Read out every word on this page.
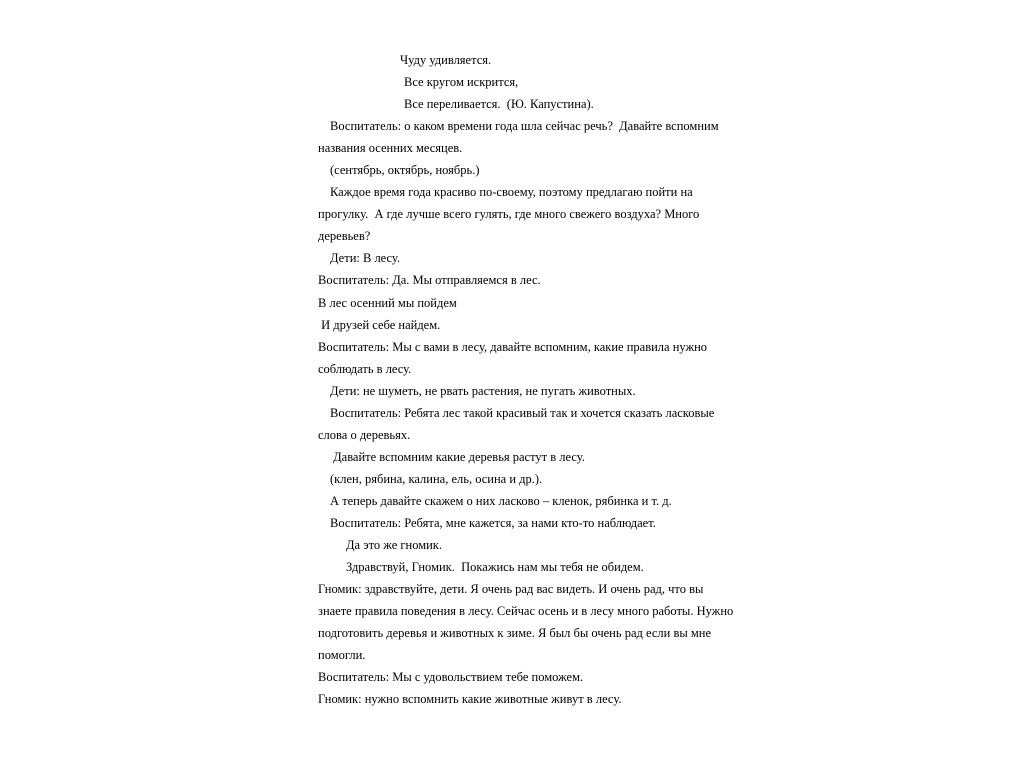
Чуду удивляется.
Все кругом искрится,
Все переливается.  (Ю. Капустина).
Воспитатель: о каком времени года шла сейчас речь?  Давайте вспомним
названия осенних месяцев.
(сентябрь, октябрь, ноябрь.)
Каждое время года красиво по-своему, поэтому предлагаю пойти на
прогулку.  А где лучше всего гулять, где много свежего воздуха? Много
деревьев?
Дети: В лесу.
Воспитатель: Да. Мы отправляемся в лес.
В лес осенний мы пойдем
И друзей себе найдем.
Воспитатель: Мы с вами в лесу, давайте вспомним, какие правила нужно
соблюдать в лесу.
Дети: не шуметь, не рвать растения, не пугать животных.
Воспитатель: Ребята лес такой красивый так и хочется сказать ласковые
слова о деревьях.
Давайте вспомним какие деревья растут в лесу.
(клен, рябина, калина, ель, осина и др.).
А теперь давайте скажем о них ласково – кленок, рябинка и т. д.
Воспитатель: Ребята, мне кажется, за нами кто-то наблюдает.
Да это же гномик.
Здравствуй, Гномик.  Покажись нам мы тебя не обидем.
Гномик: здравствуйте, дети. Я очень рад вас видеть. И очень рад, что вы
знаете правила поведения в лесу. Сейчас осень и в лесу много работы. Нужно
подготовить деревья и животных к зиме. Я был бы очень рад если вы мне
помогли.
Воспитатель: Мы с удовольствием тебе поможем.
Гномик: нужно вспомнить какие животные живут в лесу.
